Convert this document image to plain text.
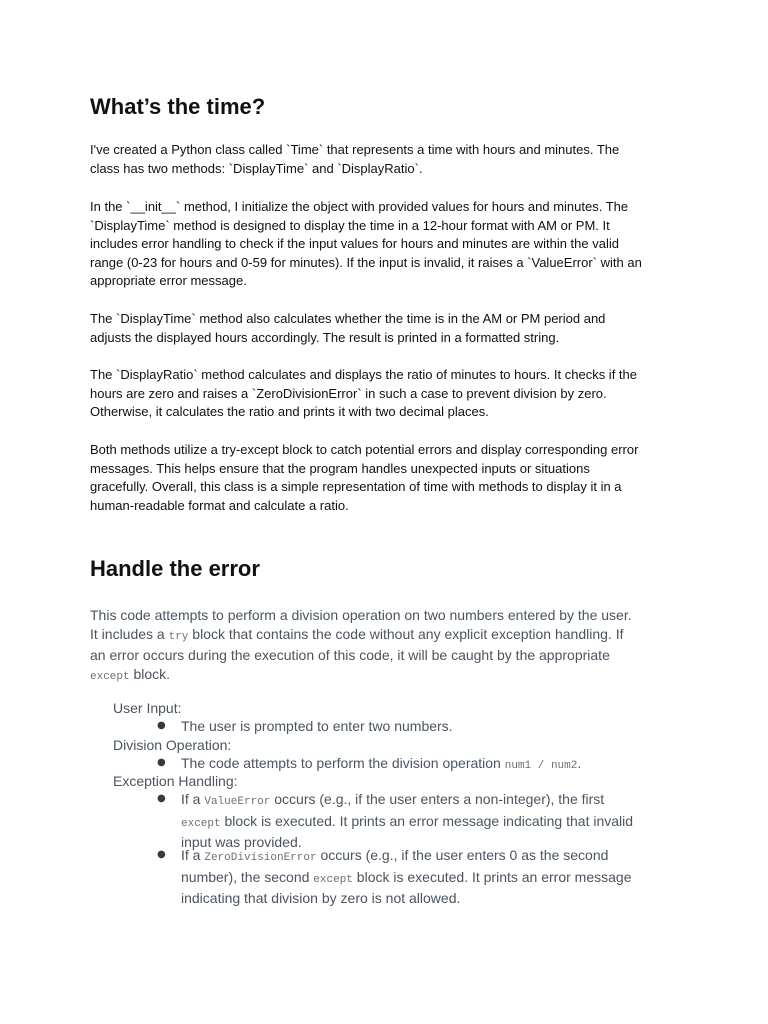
What’s the time?
I've created a Python class called `Time` that represents a time with hours and minutes. The
class has two methods: `DisplayTime` and `DisplayRatio`.
In the `__init__` method, I initialize the object with provided values for hours and minutes. The
`DisplayTime` method is designed to display the time in a 12-hour format with AM or PM. It
includes error handling to check if the input values for hours and minutes are within the valid
range (0-23 for hours and 0-59 for minutes). If the input is invalid, it raises a `ValueError` with an
appropriate error message.
The `DisplayTime` method also calculates whether the time is in the AM or PM period and
adjusts the displayed hours accordingly. The result is printed in a formatted string.
The `DisplayRatio` method calculates and displays the ratio of minutes to hours. It checks if the
hours are zero and raises a `ZeroDivisionError` in such a case to prevent division by zero.
Otherwise, it calculates the ratio and prints it with two decimal places.
Both methods utilize a try-except block to catch potential errors and display corresponding error
messages. This helps ensure that the program handles unexpected inputs or situations
gracefully. Overall, this class is a simple representation of time with methods to display it in a
human-readable format and calculate a ratio.
Handle the error
This code attempts to perform a division operation on two numbers entered by the user.
It includes a try block that contains the code without any explicit exception handling. If
an error occurs during the execution of this code, it will be caught by the appropriate
except block.
User Input:
● The user is prompted to enter two numbers.
Division Operation:
● The code attempts to perform the division operation num1 / num2.
Exception Handling:
● If a ValueError occurs (e.g., if the user enters a non-integer), the first
except block is executed. It prints an error message indicating that invalid
input was provided.
● If a ZeroDivisionError occurs (e.g., if the user enters 0 as the second
number), the second except block is executed. It prints an error message
indicating that division by zero is not allowed.
